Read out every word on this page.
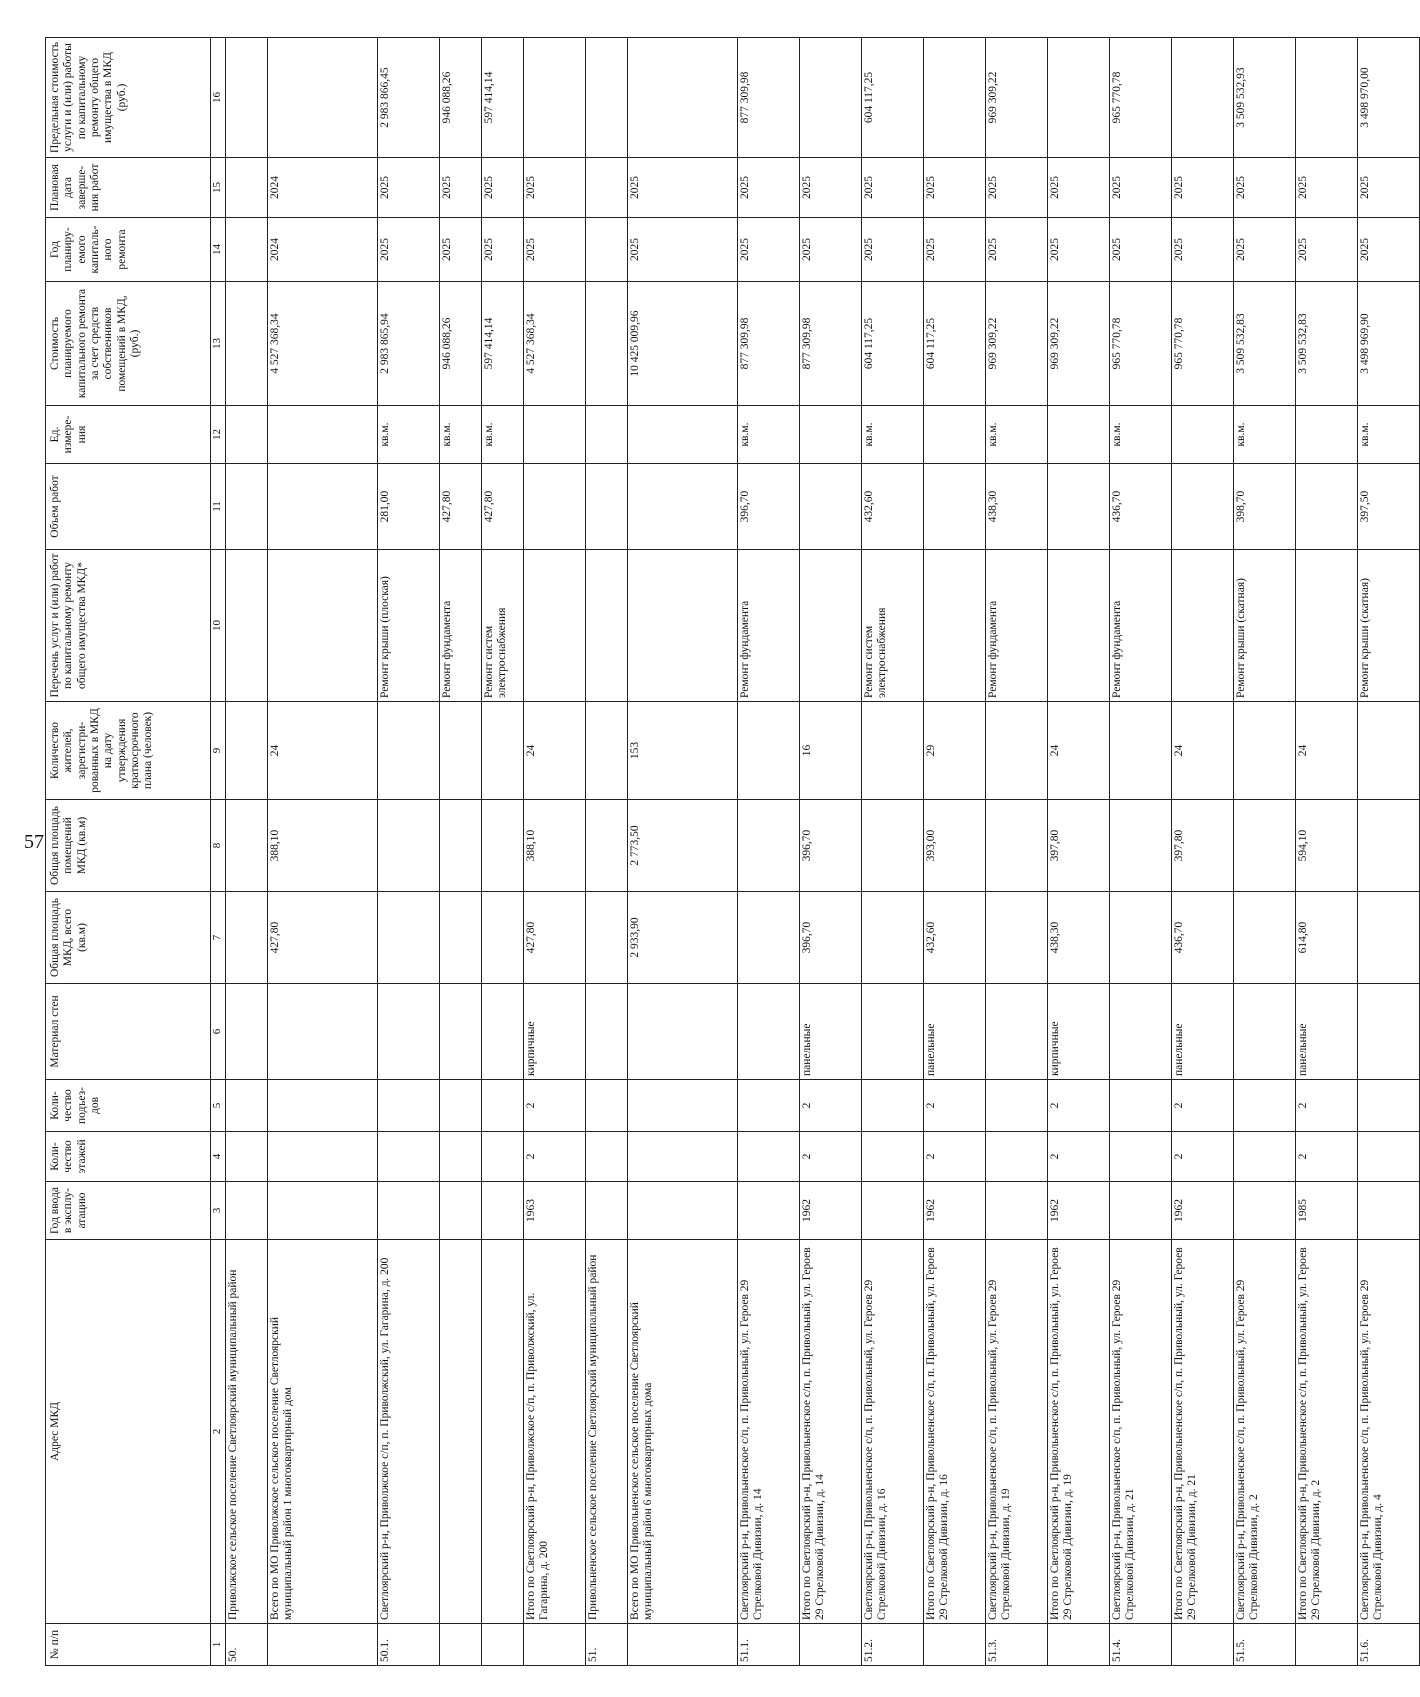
57
№ п/п	Адрес МКД	Год ввода в эксплу-атацию	Коли-чество этажей	Коли-чество подъез-дов	Материал стен	Общая площадь МКД, всего (кв.м)	Общая площадь помещений МКД (кв.м)	Количество жителей, зарегистри-рованных в МКД на дату утверждения краткосрочного плана (человек)	Перечень услуг и (или) работ по капитальному ремонту общего имущества МКД*	Объем работ	Ед. измере-ния	Стоимость планируемого капитального ремонта за счет средств собственников помещений в МКД, (руб.)	Год планиру-емого капиталь-ного ремонта	Плановая дата заверше-ния работ	Предельная стоимость услуги и (или) работы по капитальному ремонту общего имущества в МКД (руб.)
1	2	3	4	5	6	7	8	9	10	11	12	13	14	15	16
50.	Приволжское сельское поселение Светлоярский муниципальный район														
	Всего по МО Приволжское сельское поселение Светлоярский муниципальный район 1 многоквартирный дом					427,80	388,10	24				4 527 368,34	2024	2024	
50.1.	Светлоярский р-н, Приволжское с/п, п. Приволжский, ул. Гагарина, д. 200								Ремонт крыши (плоская)	281,00	кв.м.	2 983 865,94	2025	2025	2 983 866,45
									Ремонт фундамента	427,80	кв.м.	946 088,26	2025	2025	946 088,26
									Ремонт систем электроснабжения	427,80	кв.м.	597 414,14	2025	2025	597 414,14
	Итого по Светлоярский р-н, Приволжское с/п, п. Приволжский, ул. Гагарина, д. 200	1963	2	2	кирпичные	427,80	388,10	24				4 527 368,34	2025	2025	
51.	Привольненское сельское поселение Светлоярский муниципальный район														
	Всего по МО Привольненское сельское поселение Светлоярский муниципальный район 6 многоквартирных дома					2 933,90	2 773,50	153				10 425 009,96	2025	2025	
51.1.	Светлоярский р-н, Привольненское с/п, п. Привольный, ул. Героев 29 Стрелковой Дивизии, д. 14								Ремонт фундамента	396,70	кв.м.	877 309,98	2025	2025	877 309,98
	Итого по Светлоярский р-н, Привольненское с/п, п. Привольный, ул. Героев 29 Стрелковой Дивизии, д. 14	1962	2	2	панельные	396,70	396,70	16				877 309,98	2025	2025	
51.2.	Светлоярский р-н, Привольненское с/п, п. Привольный, ул. Героев 29 Стрелковой Дивизии, д. 16								Ремонт систем электроснабжения	432,60	кв.м.	604 117,25	2025	2025	604 117,25
	Итого по Светлоярский р-н, Привольненское с/п, п. Привольный, ул. Героев 29 Стрелковой Дивизии, д. 16	1962	2	2	панельные	432,60	393,00	29				604 117,25	2025	2025	
51.3.	Светлоярский р-н, Привольненское с/п, п. Привольный, ул. Героев 29 Стрелковой Дивизии, д. 19								Ремонт фундамента	438,30	кв.м.	969 309,22	2025	2025	969 309,22
	Итого по Светлоярский р-н, Привольненское с/п, п. Привольный, ул. Героев 29 Стрелковой Дивизии, д. 19	1962	2	2	кирпичные	438,30	397,80	24				969 309,22	2025	2025	
51.4.	Светлоярский р-н, Привольненское с/п, п. Привольный, ул. Героев 29 Стрелковой Дивизии, д. 21								Ремонт фундамента	436,70	кв.м.	965 770,78	2025	2025	965 770,78
	Итого по Светлоярский р-н, Привольненское с/п, п. Привольный, ул. Героев 29 Стрелковой Дивизии, д. 21	1962	2	2	панельные	436,70	397,80	24				965 770,78	2025	2025	
51.5.	Светлоярский р-н, Привольненское с/п, п. Привольный, ул. Героев 29 Стрелковой Дивизии, д. 2								Ремонт крыши (скатная)	398,70	кв.м.	3 509 532,83	2025	2025	3 509 532,93
	Итого по Светлоярский р-н, Привольненское с/п, п. Привольный, ул. Героев 29 Стрелковой Дивизии, д. 2	1985	2	2	панельные	614,80	594,10	24				3 509 532,83	2025	2025	
51.6.	Светлоярский р-н, Привольненское с/п, п. Привольный, ул. Героев 29 Стрелковой Дивизии, д. 4								Ремонт крыши (скатная)	397,50	кв.м.	3 498 969,90	2025	2025	3 498 970,00
